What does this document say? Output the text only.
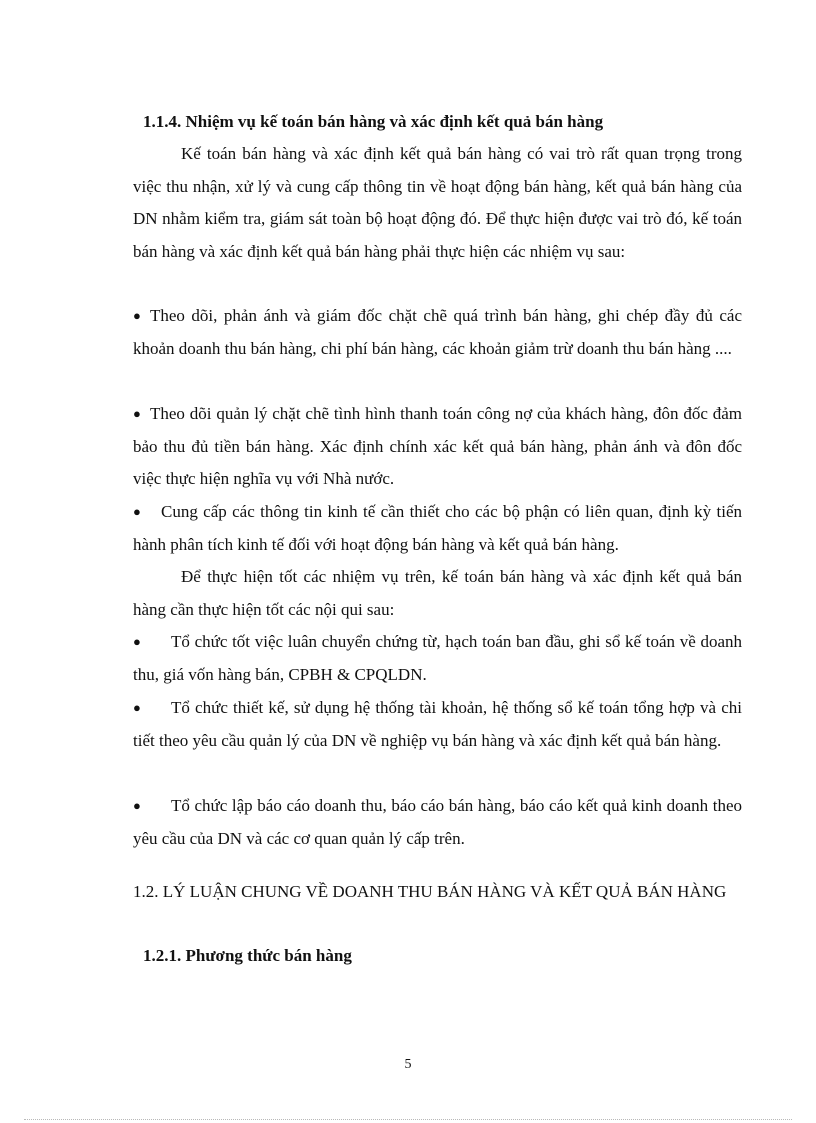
1.1.4. Nhiệm vụ kế toán bán hàng và xác định kết quả bán hàng

Kế toán bán hàng và xác định kết quả bán hàng có vai trò rất quan trọng trong việc thu nhận, xử lý và cung cấp thông tin về hoạt động bán hàng, kết quả bán hàng của DN nhằm kiểm tra, giám sát toàn bộ hoạt động đó. Để thực hiện được vai trò đó, kế toán bán hàng và xác định kết quả bán hàng phải thực hiện các nhiệm vụ sau:

● Theo dõi, phản ánh và giám đốc chặt chẽ quá trình bán hàng, ghi chép đầy đủ các khoản doanh thu bán hàng, chi phí bán hàng, các khoản giảm trừ doanh thu bán hàng ....

● Theo dõi quản lý chặt chẽ tình hình thanh toán công nợ của khách hàng, đôn đốc đảm bảo thu đủ tiền bán hàng. Xác định chính xác kết quả bán hàng, phản ánh và đôn đốc việc thực hiện nghĩa vụ với Nhà nước.

● Cung cấp các thông tin kinh tế cần thiết cho các bộ phận có liên quan, định kỳ tiến hành phân tích kinh tế đối với hoạt động bán hàng và kết quả bán hàng.

Để thực hiện tốt các nhiệm vụ trên, kế toán bán hàng và xác định kết quả bán hàng cần thực hiện tốt các nội qui sau:

● Tổ chức tốt việc luân chuyển chứng từ, hạch toán ban đầu, ghi sổ kế toán về doanh thu, giá vốn hàng bán, CPBH & CPQLDN.

● Tổ chức thiết kế, sử dụng hệ thống tài khoản, hệ thống sổ kế toán tổng hợp và chi tiết theo yêu cầu quản lý của DN về nghiệp vụ bán hàng và xác định kết quả bán hàng.

● Tổ chức lập báo cáo doanh thu, báo cáo bán hàng, báo cáo kết quả kinh doanh theo yêu cầu của DN và các cơ quan quản lý cấp trên.

1.2. LÝ LUẬN CHUNG VỀ DOANH THU BÁN HÀNG VÀ KẾT QUẢ BÁN HÀNG

1.2.1. Phương thức bán hàng
5
